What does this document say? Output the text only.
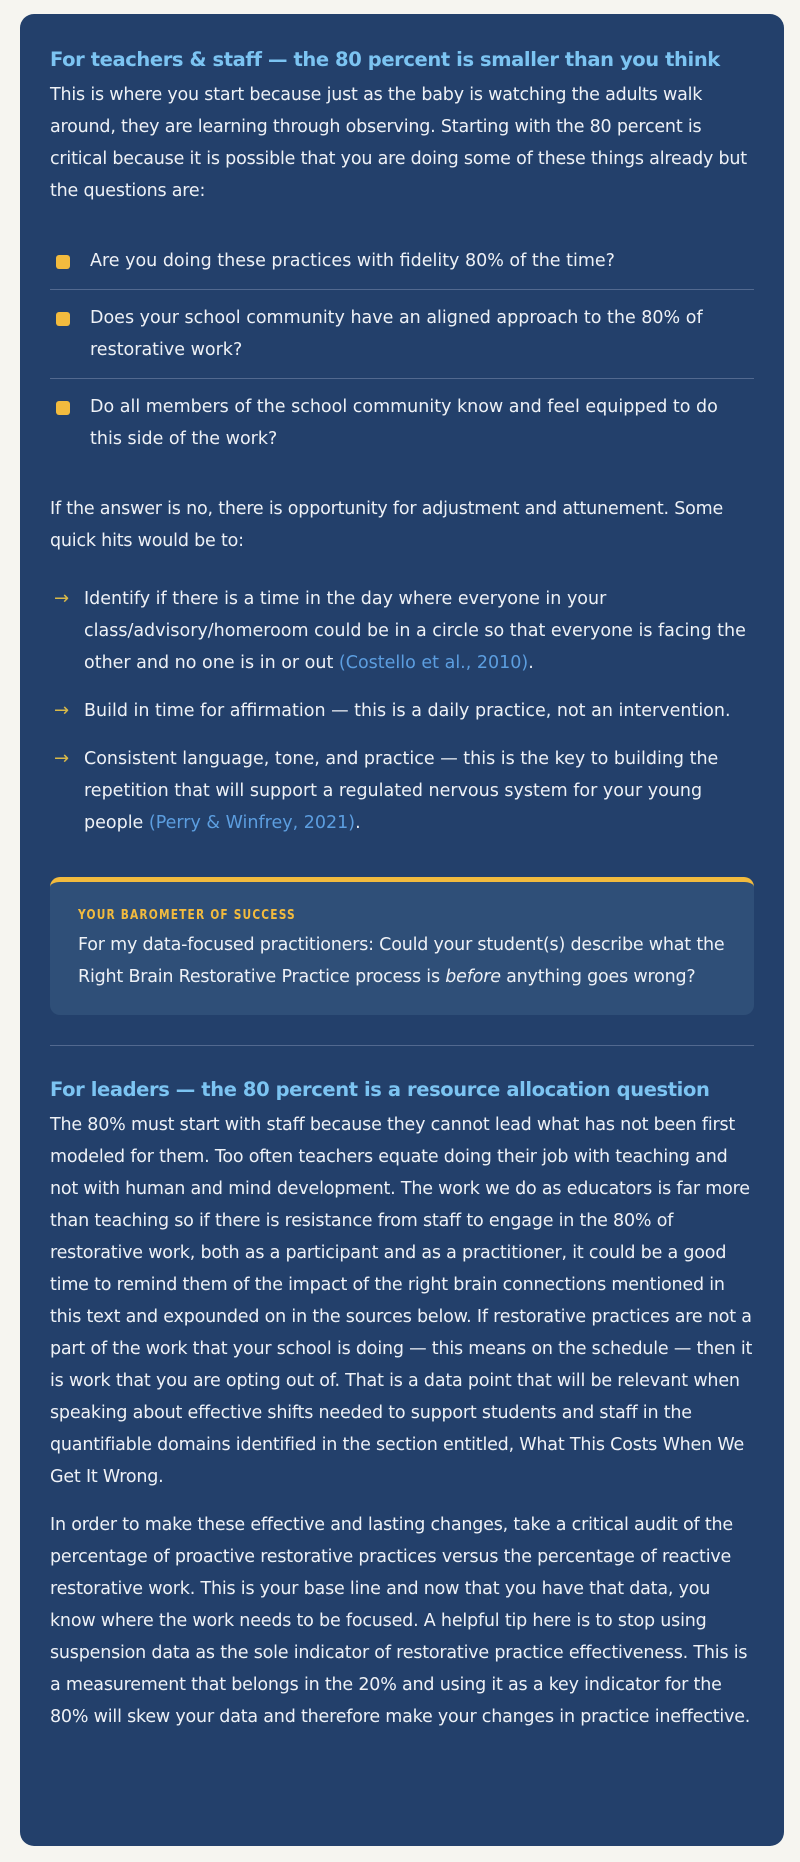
For teachers & staff — the 80 percent is smaller than you think

This is where you start because just as the baby is watching the adults walk around, they are learning through observing. Starting with the 80 percent is critical because it is possible that you are doing some of these things already but the questions are:

Are you doing these practices with fidelity 80% of the time?
Does your school community have an aligned approach to the 80% of restorative work?
Do all members of the school community know and feel equipped to do this side of the work?

If the answer is no, there is opportunity for adjustment and attunement. Some quick hits would be to:

→ Identify if there is a time in the day where everyone in your class/advisory/homeroom could be in a circle so that everyone is facing the other and no one is in or out (Costello et al., 2010).
→ Build in time for affirmation — this is a daily practice, not an intervention.
→ Consistent language, tone, and practice — this is the key to building the repetition that will support a regulated nervous system for your young people (Perry & Winfrey, 2021).
YOUR BAROMETER OF SUCCESS

For my data-focused practitioners: Could your student(s) describe what the Right Brain Restorative Practice process is before anything goes wrong?

For leaders — the 80 percent is a resource allocation question

The 80% must start with staff because they cannot lead what has not been first modeled for them. Too often teachers equate doing their job with teaching and not with human and mind development. The work we do as educators is far more than teaching so if there is resistance from staff to engage in the 80% of restorative work, both as a participant and as a practitioner, it could be a good time to remind them of the impact of the right brain connections mentioned in this text and expounded on in the sources below. If restorative practices are not a part of the work that your school is doing — this means on the schedule — then it is work that you are opting out of. That is a data point that will be relevant when speaking about effective shifts needed to support students and staff in the quantifiable domains identified in the section entitled, What This Costs When We Get It Wrong.

In order to make these effective and lasting changes, take a critical audit of the percentage of proactive restorative practices versus the percentage of reactive restorative work. This is your base line and now that you have that data, you know where the work needs to be focused. A helpful tip here is to stop using suspension data as the sole indicator of restorative practice effectiveness. This is a measurement that belongs in the 20% and using it as a key indicator for the 80% will skew your data and therefore make your changes in practice ineffective.
